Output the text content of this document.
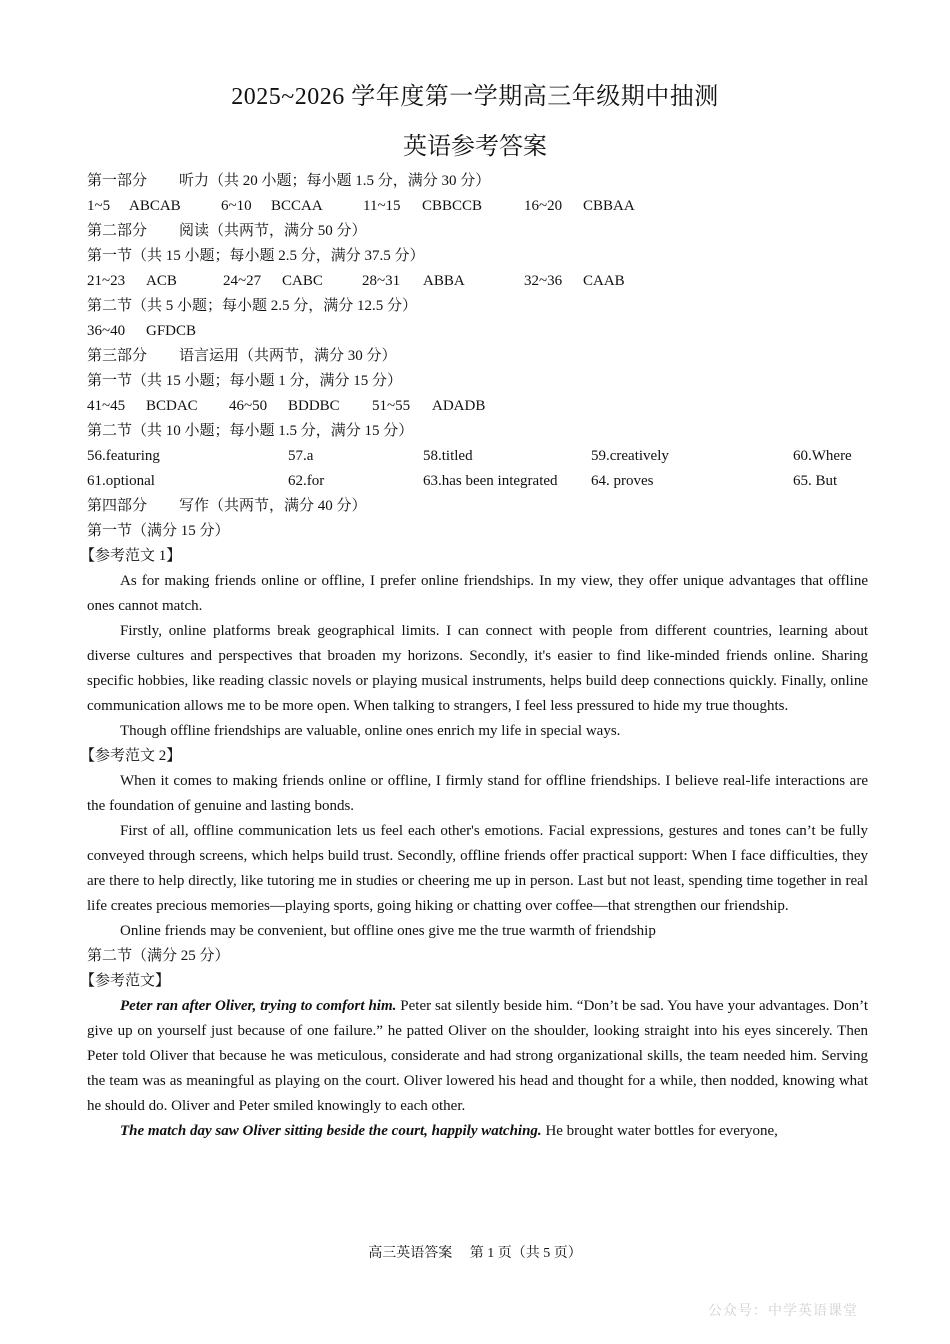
2025~2026 学年度第一学期高三年级期中抽测
英语参考答案
第一部分 听力（共 20 小题；每小题 1.5 分，满分 30 分）
1~5 ABCAB	6~10 BCCAA	11~15 CBBCCB	16~20 CBBAA
第二部分 阅读（共两节，满分 50 分）
第一节（共 15 小题；每小题 2.5 分，满分 37.5 分）
21~23 ACB	24~27 CABC	28~31 ABBA	32~36 CAAB
第二节（共 5 小题；每小题 2.5 分，满分 12.5 分）
36~40 GFDCB
第三部分 语言运用（共两节，满分 30 分）
第一节（共 15 小题；每小题 1 分，满分 15 分）
41~45 BCDAC 46~50 BDDBC 51~55 ADADB
第二节（共 10 小题；每小题 1.5 分，满分 15 分）
56.featuring	57.a	58.titled	59.creatively	60.Where
61.optional	62.for	63.has been integrated 64. proves	65. But
第四部分 写作（共两节，满分 40 分）
第一节（满分 15 分）
【参考范文 1】
As for making friends online or offline, I prefer online friendships. In my view, they offer unique advantages that offline ones cannot match.
Firstly, online platforms break geographical limits. I can connect with people from different countries, learning about diverse cultures and perspectives that broaden my horizons. Secondly, it's easier to find like-minded friends online. Sharing specific hobbies, like reading classic novels or playing musical instruments, helps build deep connections quickly. Finally, online communication allows me to be more open. When talking to strangers, I feel less pressured to hide my true thoughts.
Though offline friendships are valuable, online ones enrich my life in special ways.
【参考范文 2】
When it comes to making friends online or offline, I firmly stand for offline friendships. I believe real-life interactions are the foundation of genuine and lasting bonds.
First of all, offline communication lets us feel each other's emotions. Facial expressions, gestures and tones can’t be fully conveyed through screens, which helps build trust. Secondly, offline friends offer practical support: When I face difficulties, they are there to help directly, like tutoring me in studies or cheering me up in person. Last but not least, spending time together in real life creates precious memories—playing sports, going hiking or chatting over coffee—that strengthen our friendship.
Online friends may be convenient, but offline ones give me the true warmth of friendship
第二节（满分 25 分）
【参考范文】
Peter ran after Oliver, trying to comfort him. Peter sat silently beside him. “Don’t be sad. You have your advantages. Don’t give up on yourself just because of one failure.” he patted Oliver on the shoulder, looking straight into his eyes sincerely. Then Peter told Oliver that because he was meticulous, considerate and had strong organizational skills, the team needed him. Serving the team was as meaningful as playing on the court. Oliver lowered his head and thought for a while, then nodded, knowing what he should do. Oliver and Peter smiled knowingly to each other.
The match day saw Oliver sitting beside the court, happily watching. He brought water bottles for everyone,
高三英语答案　 第 1 页（共 5 页）
公众号：中学英语课堂
